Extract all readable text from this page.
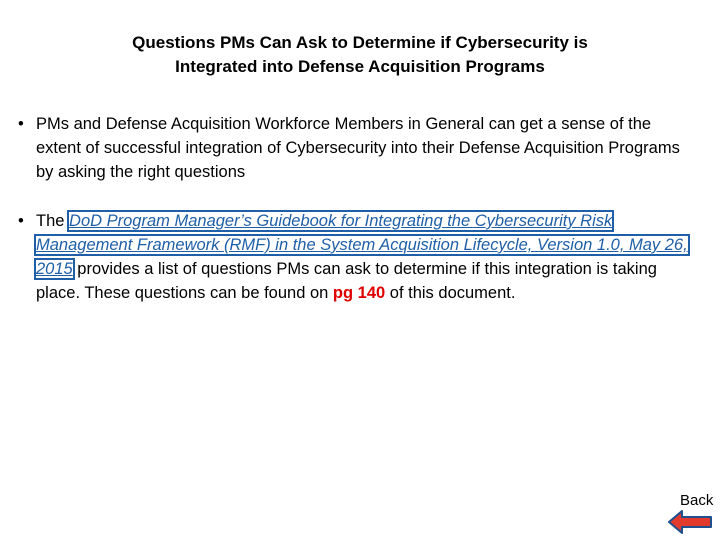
Questions PMs Can Ask to Determine if Cybersecurity is
Integrated into Defense Acquisition Programs
• PMs and Defense Acquisition Workforce Members in General can get a sense of the extent of successful integration of Cybersecurity into their Defense Acquisition Programs by asking the right questions
• The DoD Program Manager’s Guidebook for Integrating the Cybersecurity Risk Management Framework (RMF) in the System Acquisition Lifecycle, Version 1.0, May 26, 2015 provides a list of questions PMs can ask to determine if this integration is taking place. These questions can be found on pg 140 of this document.
Back
